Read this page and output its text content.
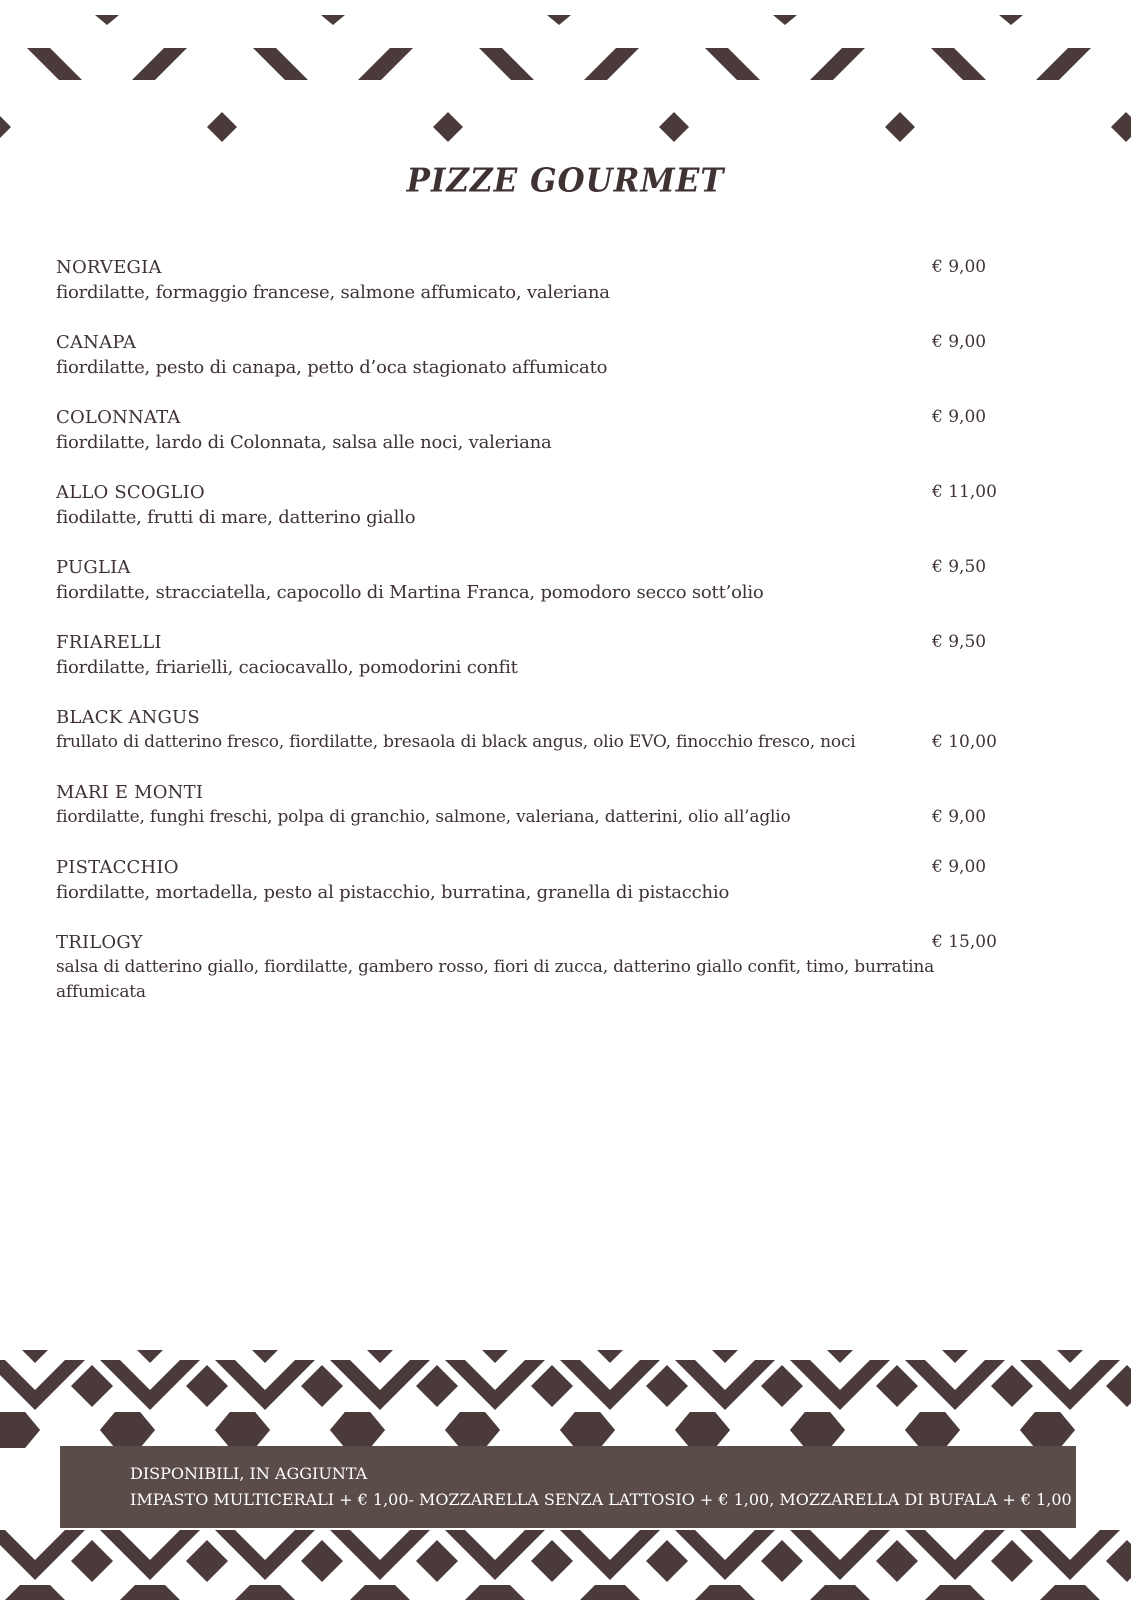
PIZZE GOURMET
NORVEGIA
fiordilatte, formaggio francese, salmone affumicato, valeriana
€ 9,00
CANAPA
fiordilatte, pesto di canapa, petto d’oca stagionato affumicato
€ 9,00
COLONNATA
fiordilatte, lardo di Colonnata, salsa alle noci, valeriana
€ 9,00
ALLO SCOGLIO
fiodilatte, frutti di mare, datterino giallo
€ 11,00
PUGLIA
fiordilatte, stracciatella, capocollo di Martina Franca, pomodoro secco sott’olio
€ 9,50
FRIARELLI
fiordilatte, friarielli, caciocavallo, pomodorini confit
€ 9,50
BLACK ANGUS
frullato di datterino fresco, fiordilatte, bresaola di black angus, olio EVO, finocchio fresco, noci	€ 10,00
MARI E MONTI
fiordilatte, funghi freschi, polpa di granchio, salmone, valeriana, datterini, olio all’aglio	€ 9,00
PISTACCHIO
fiordilatte, mortadella, pesto al pistacchio, burratina, granella di pistacchio
€ 9,00
TRILOGY
salsa di datterino giallo, fiordilatte, gambero rosso, fiori di zucca, datterino giallo confit, timo, burratina affumicata
€ 15,00
DISPONIBILI, IN AGGIUNTA
IMPASTO MULTICERALI + € 1,00- MOZZARELLA SENZA LATTOSIO + € 1,00, MOZZARELLA DI BUFALA + € 1,00
